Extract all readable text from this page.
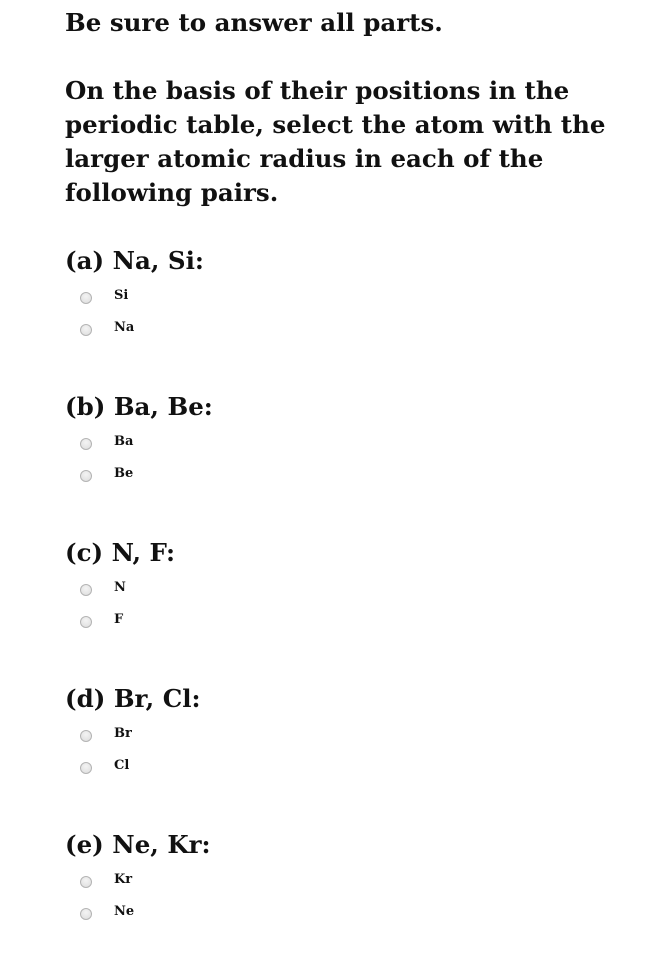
Be sure to answer all parts.

On the basis of their positions in the periodic table, select the atom with the larger atomic radius in each of the following pairs.

(a) Na, Si:
Si
Na
(b) Ba, Be:
Ba
Be
(c) N, F:
N
F
(d) Br, Cl:
Br
Cl
(e) Ne, Kr:
Kr
Ne
